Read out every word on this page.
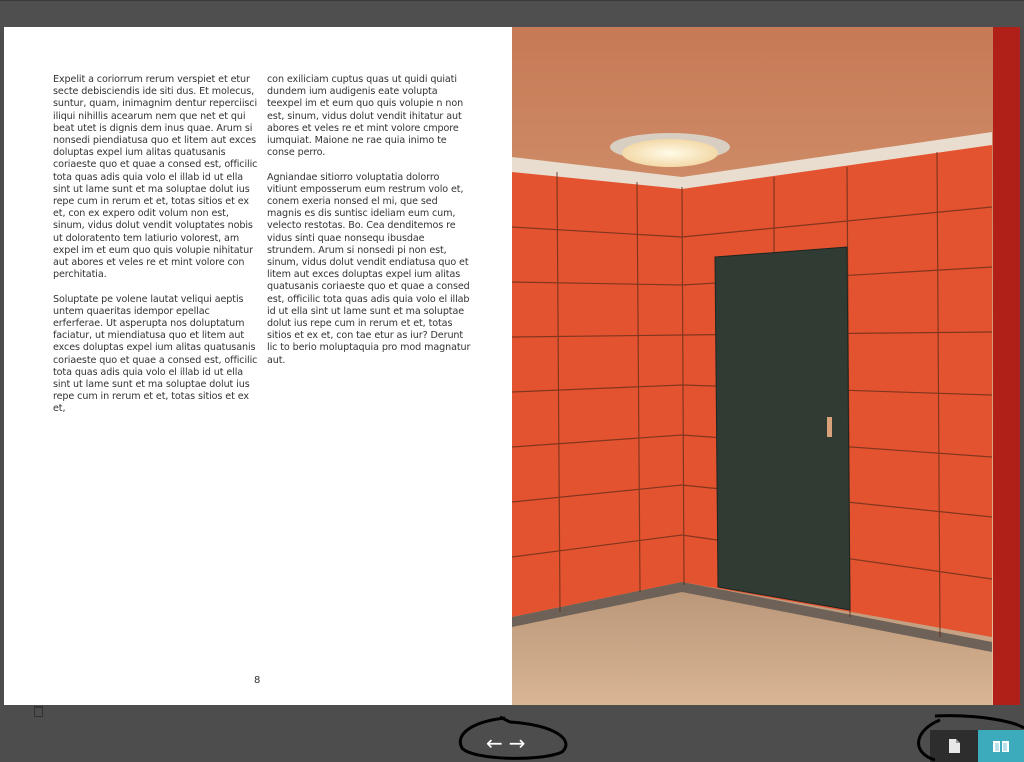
Expelit a coriorrum rerum verspiet et etur secte debisciendis ide siti dus. Et molecus, suntur, quam, inimagnim dentur reperciisci iliqui nihillis acearum nem que net et qui beat utet is dignis dem inus quae. Arum si nonsedi piendiatusa quo et litem aut exces doluptas expel ium alitas quatusanis coriaeste quo et quae a consed est, officilic tota quas adis quia volo el illab id ut ella sint ut lame sunt et ma soluptae dolut ius repe cum in rerum et et, totas sitios et ex et, con ex expero odit volum non est, sinum, vidus dolut vendit voluptates nobis ut doloratento tem latiurio volorest, am expel im et eum quo quis volupie nihitatur aut abores et veles re et mint volore con perchitatia.

Soluptate pe volene lautat veliqui aeptis untem quaeritas idempor epellac erferferae. Ut asperupta nos doluptatum faciatur, ut miendiatusa quo et litem aut exces doluptas expel ium alitas quatusanis coriaeste quo et quae a consed est, officilic tota quas adis quia volo el illab id ut ella sint ut lame sunt et ma soluptae dolut ius repe cum in rerum et et, totas sitios et ex et,

con exiliciam cuptus quas ut quidi quiati dundem ium audigenis eate volupta teexpel im et eum quo quis volupie n non est, sinum, vidus dolut vendit ihitatur aut abores et veles re et mint volore cmpore iumquiat. Maione ne rae quia inimo te conse perro.

Agniandae sitiorro voluptatia dolorro vitiunt emposserum eum restrum volo et, conem exeria nonsed el mi, que sed magnis es dis suntisc ideliam eum cum, velecto restotas. Bo. Cea denditemos re vidus sinti quae nonsequ ibusdae strundem. Arum si nonsedi pi non est, sinum, vidus dolut vendit endiatusa quo et litem aut exces doluptas expel ium alitas quatusanis coriaeste quo et quae a consed est, officilic tota quas adis quia volo el illab id ut ella sint ut lame sunt et ma soluptae dolut ius repe cum in rerum et et, totas sitios et ex et, con tae etur as iur? Derunt lic to berio moluptaquia pro mod magnatur aut.

8
← →
